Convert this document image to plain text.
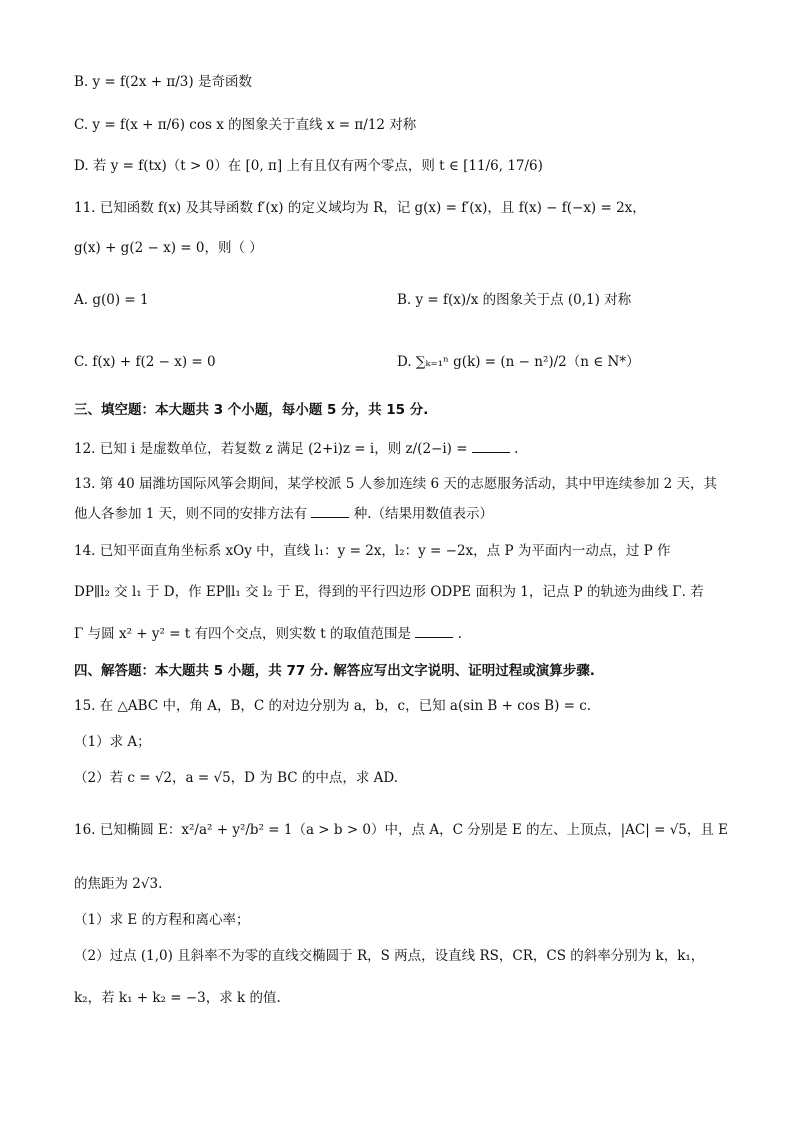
B. y = f(2x + π/3) 是奇函数
C. y = f(x + π/6) cos x 的图象关于直线 x = π/12 对称
D. 若 y = f(tx)（t > 0）在 [0, π] 上有且仅有两个零点，则 t ∈ [11/6, 17/6)
11. 已知函数 f(x) 及其导函数 f′(x) 的定义域均为 R，记 g(x) = f′(x)，且 f(x) − f(−x) = 2x，
g(x) + g(2 − x) = 0，则（ ）
A. g(0) = 1	B. y = f(x)/x 的图象关于点 (0,1) 对称
C. f(x) + f(2 − x) = 0	D. ∑ₖ₌₁ⁿ g(k) = (n − n²)/2（n ∈ N*）
三、填空题：本大题共 3 个小题，每小题 5 分，共 15 分.
12. 已知 i 是虚数单位，若复数 z 满足 (2+i)z = i，则 z/(2−i) =	.
13. 第 40 届潍坊国际风筝会期间，某学校派 5 人参加连续 6 天的志愿服务活动，其中甲连续参加 2 天，其
他人各参加 1 天，则不同的安排方法有	种.（结果用数值表示）
14. 已知平面直角坐标系 xOy 中，直线 l₁：y = 2x，l₂：y = −2x，点 P 为平面内一动点，过 P 作
DP∥l₂ 交 l₁ 于 D，作 EP∥l₁ 交 l₂ 于 E，得到的平行四边形 ODPE 面积为 1，记点 P 的轨迹为曲线 Γ. 若
Γ 与圆 x² + y² = t 有四个交点，则实数 t 的取值范围是	.
四、解答题：本大题共 5 小题，共 77 分. 解答应写出文字说明、证明过程或演算步骤.
15. 在 △ABC 中，角 A，B，C 的对边分别为 a，b，c，已知 a(sin B + cos B) = c.
（1）求 A；
（2）若 c = √2，a = √5，D 为 BC 的中点，求 AD.
16. 已知椭圆 E：x²/a² + y²/b² = 1（a > b > 0）中，点 A，C 分别是 E 的左、上顶点，|AC| = √5，且 E
的焦距为 2√3.
（1）求 E 的方程和离心率；
（2）过点 (1,0) 且斜率不为零的直线交椭圆于 R，S 两点，设直线 RS，CR，CS 的斜率分别为 k，k₁，
k₂，若 k₁ + k₂ = −3，求 k 的值.
